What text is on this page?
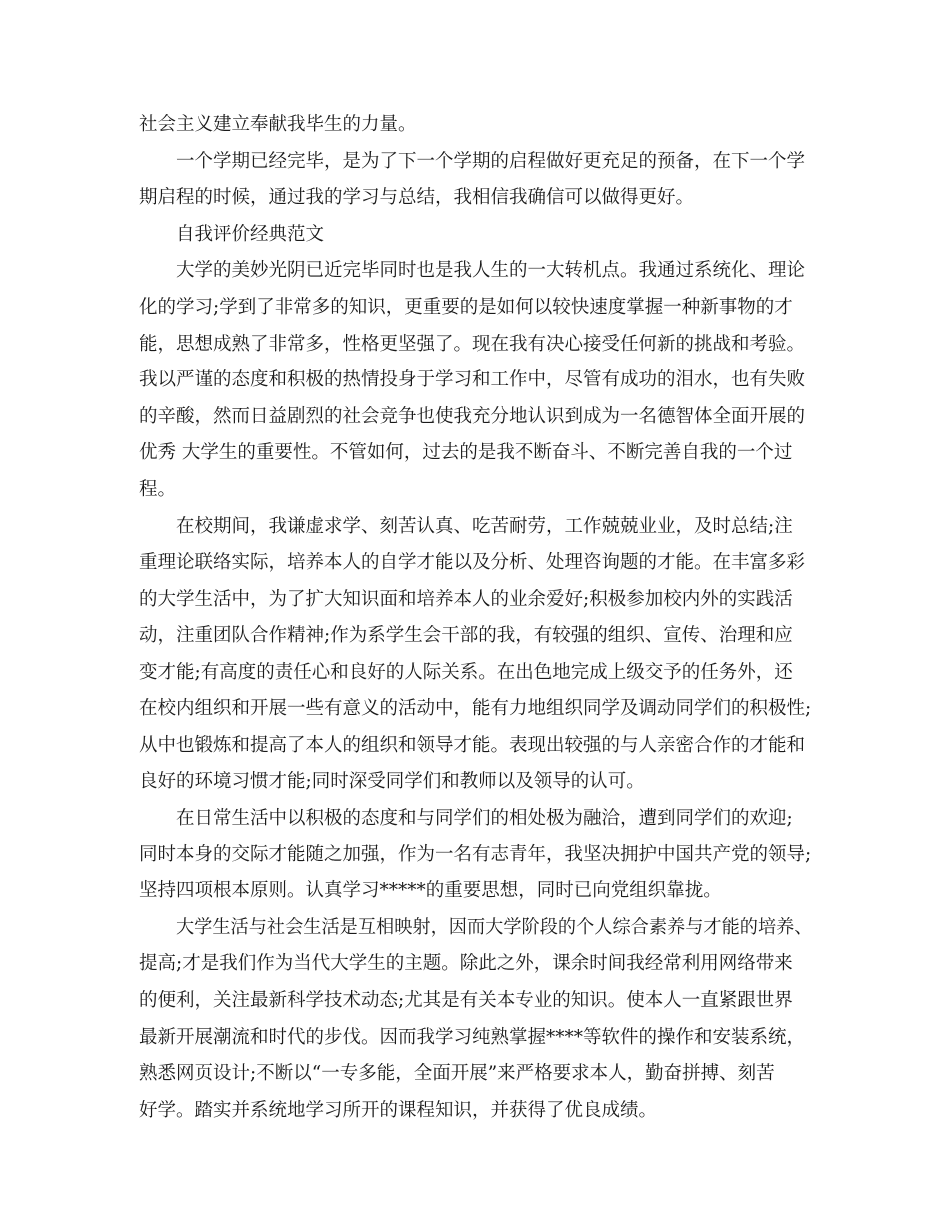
社会主义建立奉献我毕生的力量。
一个学期已经完毕，是为了下一个学期的启程做好更充足的预备，在下一个学
期启程的时候，通过我的学习与总结，我相信我确信可以做得更好。
自我评价经典范文
大学的美妙光阴已近完毕同时也是我人生的一大转机点。我通过系统化、理论
化的学习;学到了非常多的知识，更重要的是如何以较快速度掌握一种新事物的才
能，思想成熟了非常多，性格更坚强了。现在我有决心接受任何新的挑战和考验。
我以严谨的态度和积极的热情投身于学习和工作中，尽管有成功的泪水，也有失败
的辛酸，然而日益剧烈的社会竞争也使我充分地认识到成为一名德智体全面开展的
优秀 大学生的重要性。不管如何，过去的是我不断奋斗、不断完善自我的一个过
程。
在校期间，我谦虚求学、刻苦认真、吃苦耐劳，工作兢兢业业，及时总结;注
重理论联络实际，培养本人的自学才能以及分析、处理咨询题的才能。在丰富多彩
的大学生活中，为了扩大知识面和培养本人的业余爱好;积极参加校内外的实践活
动，注重团队合作精神;作为系学生会干部的我，有较强的组织、宣传、治理和应
变才能;有高度的责任心和良好的人际关系。在出色地完成上级交予的任务外，还
在校内组织和开展一些有意义的活动中，能有力地组织同学及调动同学们的积极性;
从中也锻炼和提高了本人的组织和领导才能。表现出较强的与人亲密合作的才能和
良好的环境习惯才能;同时深受同学们和教师以及领导的认可。
在日常生活中以积极的态度和与同学们的相处极为融洽，遭到同学们的欢迎;
同时本身的交际才能随之加强，作为一名有志青年，我坚决拥护中国共产党的领导;
坚持四项根本原则。认真学习*****的重要思想，同时已向党组织靠拢。
大学生活与社会生活是互相映射，因而大学阶段的个人综合素养与才能的培养、
提高;才是我们作为当代大学生的主题。除此之外，课余时间我经常利用网络带来
的便利，关注最新科学技术动态;尤其是有关本专业的知识。使本人一直紧跟世界
最新开展潮流和时代的步伐。因而我学习纯熟掌握****等软件的操作和安装系统，
熟悉网页设计;不断以“一专多能，全面开展”来严格要求本人，勤奋拼搏、刻苦
好学。踏实并系统地学习所开的课程知识，并获得了优良成绩。
